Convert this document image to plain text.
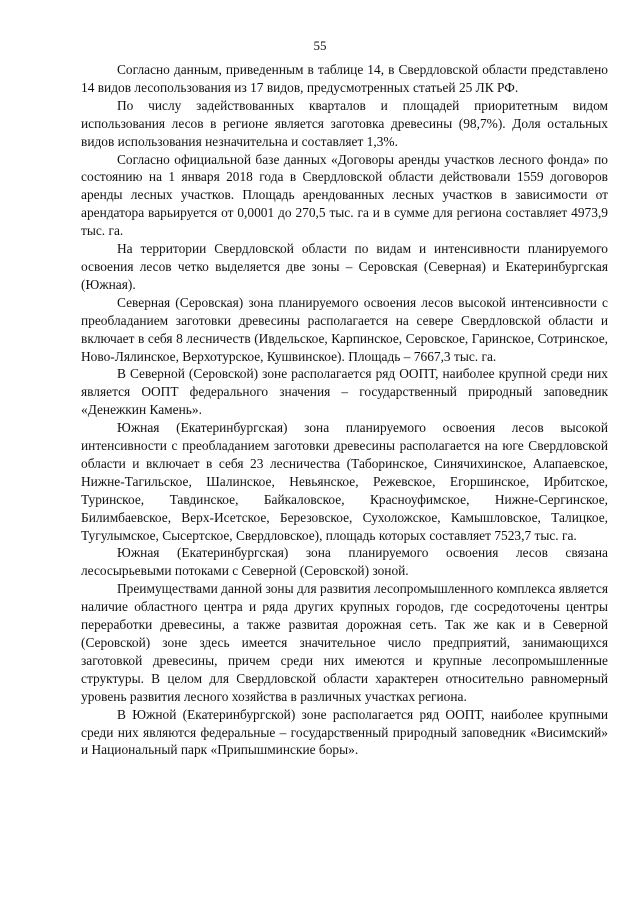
55

Согласно данным, приведенным в таблице 14, в Свердловской области представлено 14 видов лесопользования из 17 видов, предусмотренных статьей 25 ЛК РФ.

По числу задействованных кварталов и площадей приоритетным видом использования лесов в регионе является заготовка древесины (98,7%). Доля остальных видов использования незначительна и составляет 1,3%.

Согласно официальной базе данных «Договоры аренды участков лесного фонда» по состоянию на 1 января 2018 года в Свердловской области действовали 1559 договоров аренды лесных участков. Площадь арендованных лесных участков в зависимости от арендатора варьируется от 0,0001 до 270,5 тыс. га и в сумме для региона составляет 4973,9 тыс. га.

На территории Свердловской области по видам и интенсивности планируемого освоения лесов четко выделяется две зоны – Серовская (Северная) и Екатеринбургская (Южная).

Северная (Серовская) зона планируемого освоения лесов высокой интенсивности с преобладанием заготовки древесины располагается на севере Свердловской области и включает в себя 8 лесничеств (Ивдельское, Карпинское, Серовское, Гаринское, Сотринское, Ново-Лялинское, Верхотурское, Кушвинское). Площадь – 7667,3 тыс. га.

В Северной (Серовской) зоне располагается ряд ООПТ, наиболее крупной среди них является ООПТ федерального значения – государственный природный заповедник «Денежкин Камень».

Южная (Екатеринбургская) зона планируемого освоения лесов высокой интенсивности с преобладанием заготовки древесины располагается на юге Свердловской области и включает в себя 23 лесничества (Таборинское, Синячихинское, Алапаевское, Нижне-Тагильское, Шалинское, Невьянское, Режевское, Егоршинское, Ирбитское, Туринское, Тавдинское, Байкаловское, Красноуфимское, Нижне-Сергинское, Билимбаевское, Верх-Исетское, Березовское, Сухоложское, Камышловское, Талицкое, Тугулымское, Сысертское, Свердловское), площадь которых составляет 7523,7 тыс. га.

Южная (Екатеринбургская) зона планируемого освоения лесов связана лесосырьевыми потоками с Северной (Серовской) зоной.

Преимуществами данной зоны для развития лесопромышленного комплекса является наличие областного центра и ряда других крупных городов, где сосредоточены центры переработки древесины, а также развитая дорожная сеть. Так же как и в Северной (Серовской) зоне здесь имеется значительное число предприятий, занимающихся заготовкой древесины, причем среди них имеются и крупные лесопромышленные структуры. В целом для Свердловской области характерен относительно равномерный уровень развития лесного хозяйства в различных участках региона.

В Южной (Екатеринбургской) зоне располагается ряд ООПТ, наиболее крупными среди них являются федеральные – государственный природный заповедник «Висимский» и Национальный парк «Припышминские боры».
